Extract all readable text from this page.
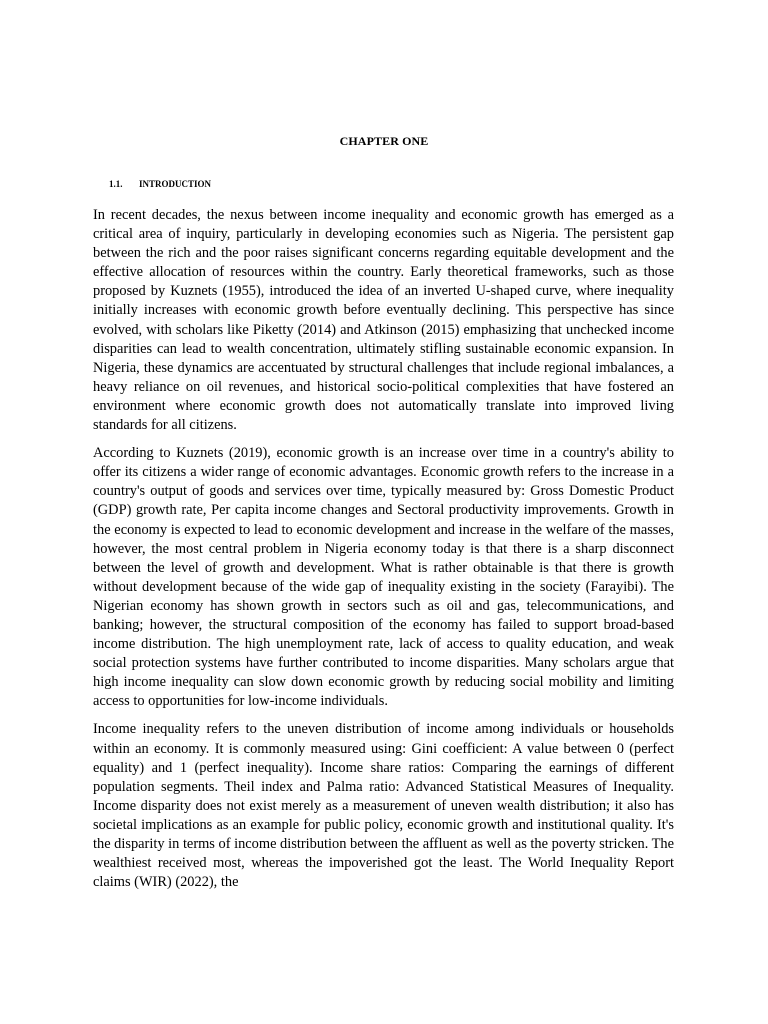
CHAPTER ONE
1.1. INTRODUCTION

In recent decades, the nexus between income inequality and economic growth has emerged as a critical area of inquiry, particularly in developing economies such as Nigeria. The persistent gap between the rich and the poor raises significant concerns regarding equitable development and the effective allocation of resources within the country. Early theoretical frameworks, such as those proposed by Kuznets (1955), introduced the idea of an inverted U-shaped curve, where inequality initially increases with economic growth before eventually declining. This perspective has since evolved, with scholars like Piketty (2014) and Atkinson (2015) emphasizing that unchecked income disparities can lead to wealth concentration, ultimately stifling sustainable economic expansion. In Nigeria, these dynamics are accentuated by structural challenges that include regional imbalances, a heavy reliance on oil revenues, and historical socio-political complexities that have fostered an environment where economic growth does not automatically translate into improved living standards for all citizens.

According to Kuznets (2019), economic growth is an increase over time in a country's ability to offer its citizens a wider range of economic advantages. Economic growth refers to the increase in a country's output of goods and services over time, typically measured by: Gross Domestic Product (GDP) growth rate, Per capita income changes and Sectoral productivity improvements. Growth in the economy is expected to lead to economic development and increase in the welfare of the masses, however, the most central problem in Nigeria economy today is that there is a sharp disconnect between the level of growth and development. What is rather obtainable is that there is growth without development because of the wide gap of inequality existing in the society (Farayibi). The Nigerian economy has shown growth in sectors such as oil and gas, telecommunications, and banking; however, the structural composition of the economy has failed to support broad-based income distribution. The high unemployment rate, lack of access to quality education, and weak social protection systems have further contributed to income disparities. Many scholars argue that high income inequality can slow down economic growth by reducing social mobility and limiting access to opportunities for low-income individuals.

Income inequality refers to the uneven distribution of income among individuals or households within an economy. It is commonly measured using: Gini coefficient: A value between 0 (perfect equality) and 1 (perfect inequality). Income share ratios: Comparing the earnings of different population segments. Theil index and Palma ratio: Advanced Statistical Measures of Inequality. Income disparity does not exist merely as a measurement of uneven wealth distribution; it also has societal implications as an example for public policy, economic growth and institutional quality. It's the disparity in terms of income distribution between the affluent as well as the poverty stricken. The wealthiest received most, whereas the impoverished got the least. The World Inequality Report claims (WIR) (2022), the
